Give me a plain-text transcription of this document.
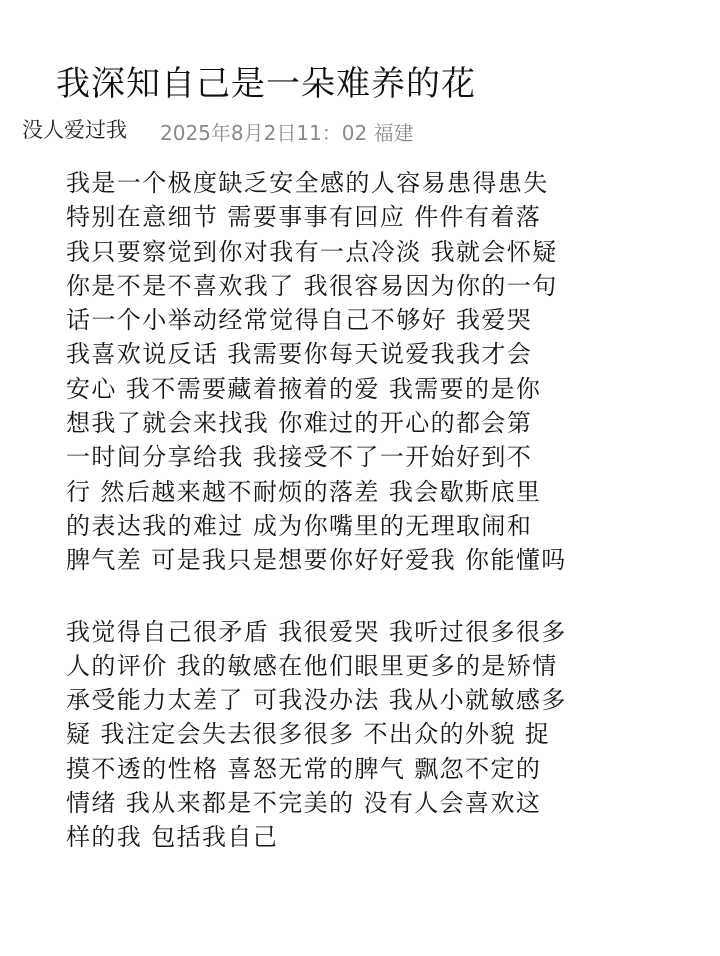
我深知自己是一朵难养的花
没人爱过我 2025年8月2日11：02 福建
我是一个极度缺乏安全感的人容易患得患失
特别在意细节 需要事事有回应 件件有着落
我只要察觉到你对我有一点冷淡 我就会怀疑
你是不是不喜欢我了 我很容易因为你的一句
话一个小举动经常觉得自己不够好 我爱哭
我喜欢说反话 我需要你每天说爱我我才会
安心 我不需要藏着掖着的爱 我需要的是你
想我了就会来找我 你难过的开心的都会第
一时间分享给我 我接受不了一开始好到不
行 然后越来越不耐烦的落差 我会歇斯底里
的表达我的难过 成为你嘴里的无理取闹和
脾气差 可是我只是想要你好好爱我 你能懂吗
我觉得自己很矛盾 我很爱哭 我听过很多很多
人的评价 我的敏感在他们眼里更多的是矫情
承受能力太差了 可我没办法 我从小就敏感多
疑 我注定会失去很多很多 不出众的外貌 捉
摸不透的性格 喜怒无常的脾气 飘忽不定的
情绪 我从来都是不完美的 没有人会喜欢这
样的我 包括我自己
